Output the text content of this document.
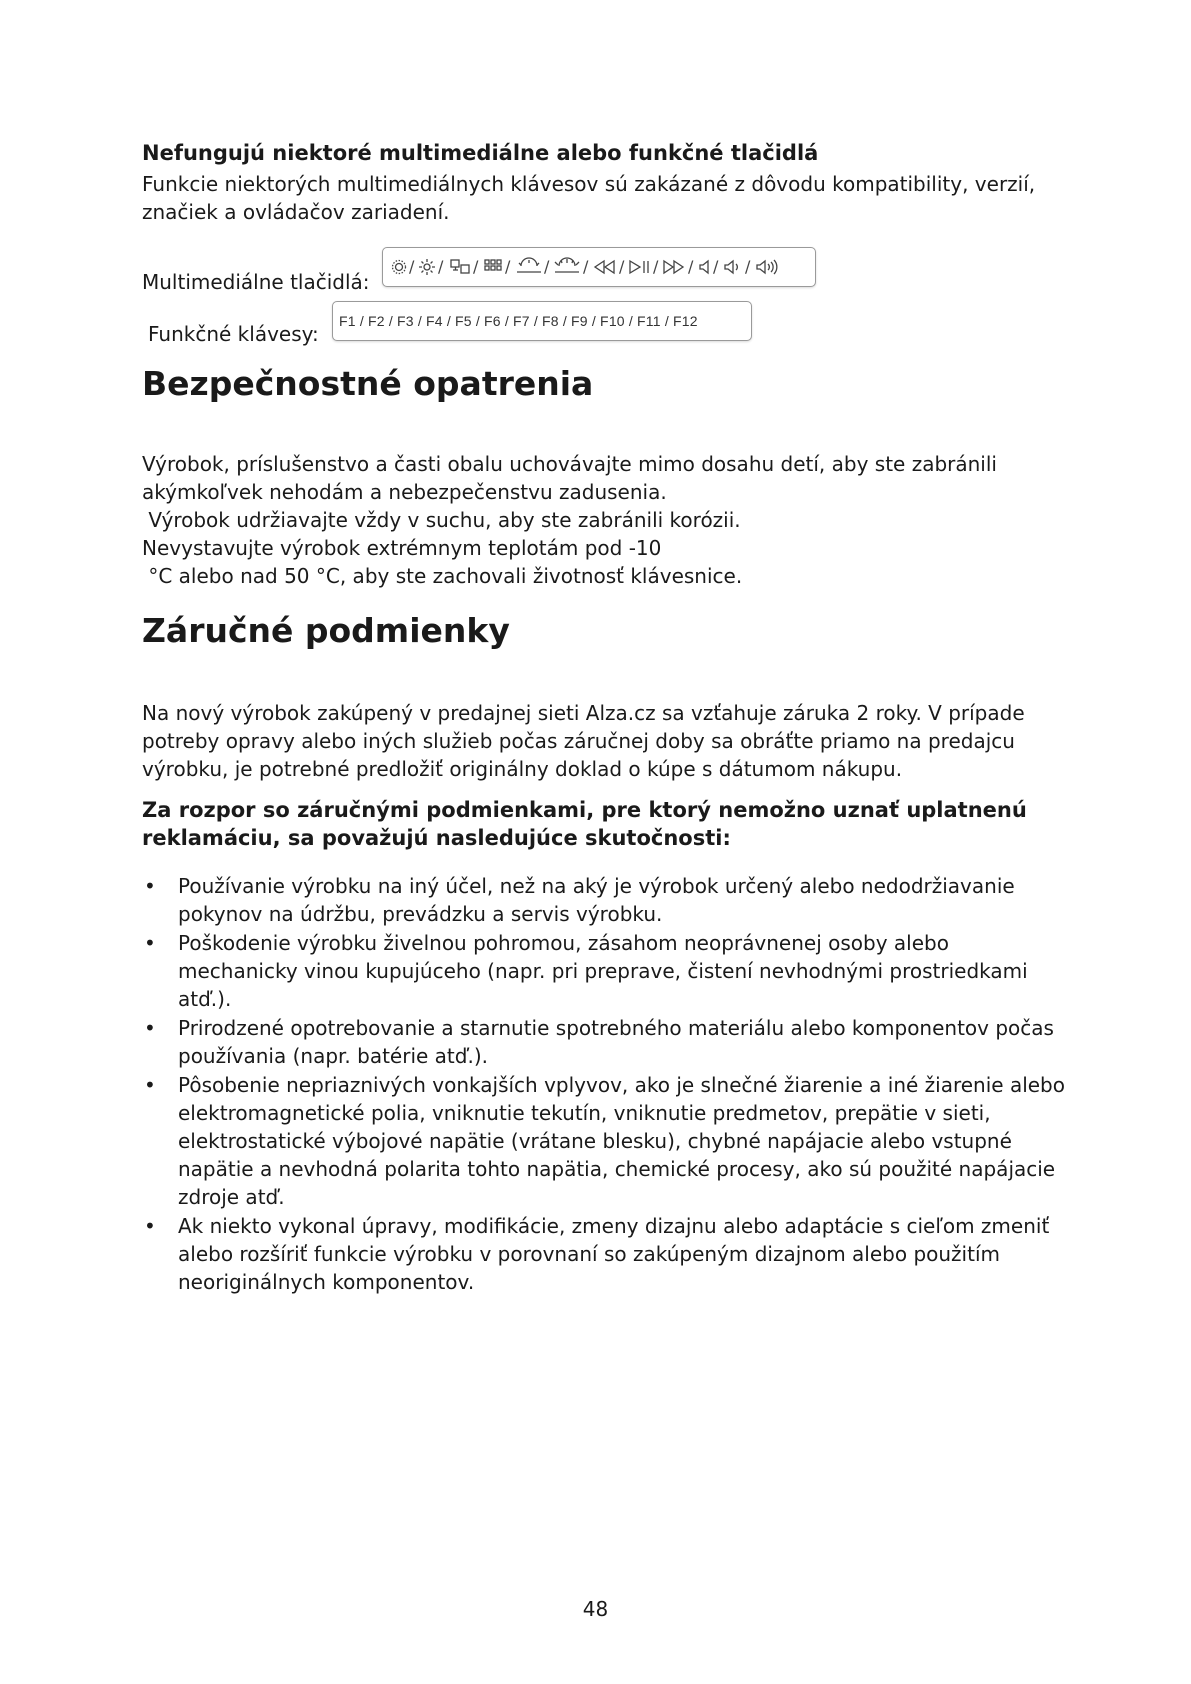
Nefungujú niektoré multimediálne alebo funkčné tlačidlá

Funkcie niektorých multimediálnych klávesov sú zakázané z dôvodu kompatibility, verzií, značiek a ovládačov zariadení.

Multimediálne tlačidlá:
/ / / / / / / / / / /
Funkčné klávesy:
F1 / F2 / F3 / F4 / F5 / F6 / F7 / F8 / F9 / F10 / F11 / F12
Bezpečnostné opatrenia

Výrobok, príslušenstvo a časti obalu uchovávajte mimo dosahu detí, aby ste zabránili akýmkoľvek nehodám a nebezpečenstvu zadusenia.

Výrobok udržiavajte vždy v suchu, aby ste zabránili korózii.

Nevystavujte výrobok extrémnym teplotám pod -10

°C alebo nad 50 °C, aby ste zachovali životnosť klávesnice.

Záručné podmienky

Na nový výrobok zakúpený v predajnej sieti Alza.cz sa vzťahuje záruka 2 roky. V prípade potreby opravy alebo iných služieb počas záručnej doby sa obráťte priamo na predajcu výrobku, je potrebné predložiť originálny doklad o kúpe s dátumom nákupu.

Za rozpor so záručnými podmienkami, pre ktorý nemožno uznať uplatnenú reklamáciu, sa považujú nasledujúce skutočnosti:

• Používanie výrobku na iný účel, než na aký je výrobok určený alebo nedodržiavanie pokynov na údržbu, prevádzku a servis výrobku.
• Poškodenie výrobku živelnou pohromou, zásahom neoprávnenej osoby alebo mechanicky vinou kupujúceho (napr. pri preprave, čistení nevhodnými prostriedkami atď.).
• Prirodzené opotrebovanie a starnutie spotrebného materiálu alebo komponentov počas používania (napr. batérie atď.).
• Pôsobenie nepriaznivých vonkajších vplyvov, ako je slnečné žiarenie a iné žiarenie alebo elektromagnetické polia, vniknutie tekutín, vniknutie predmetov, prepätie v sieti, elektrostatické výbojové napätie (vrátane blesku), chybné napájacie alebo vstupné napätie a nevhodná polarita tohto napätia, chemické procesy, ako sú použité napájacie zdroje atď.
• Ak niekto vykonal úpravy, modifikácie, zmeny dizajnu alebo adaptácie s cieľom zmeniť alebo rozšíriť funkcie výrobku v porovnaní so zakúpeným dizajnom alebo použitím neoriginálnych komponentov.
48
